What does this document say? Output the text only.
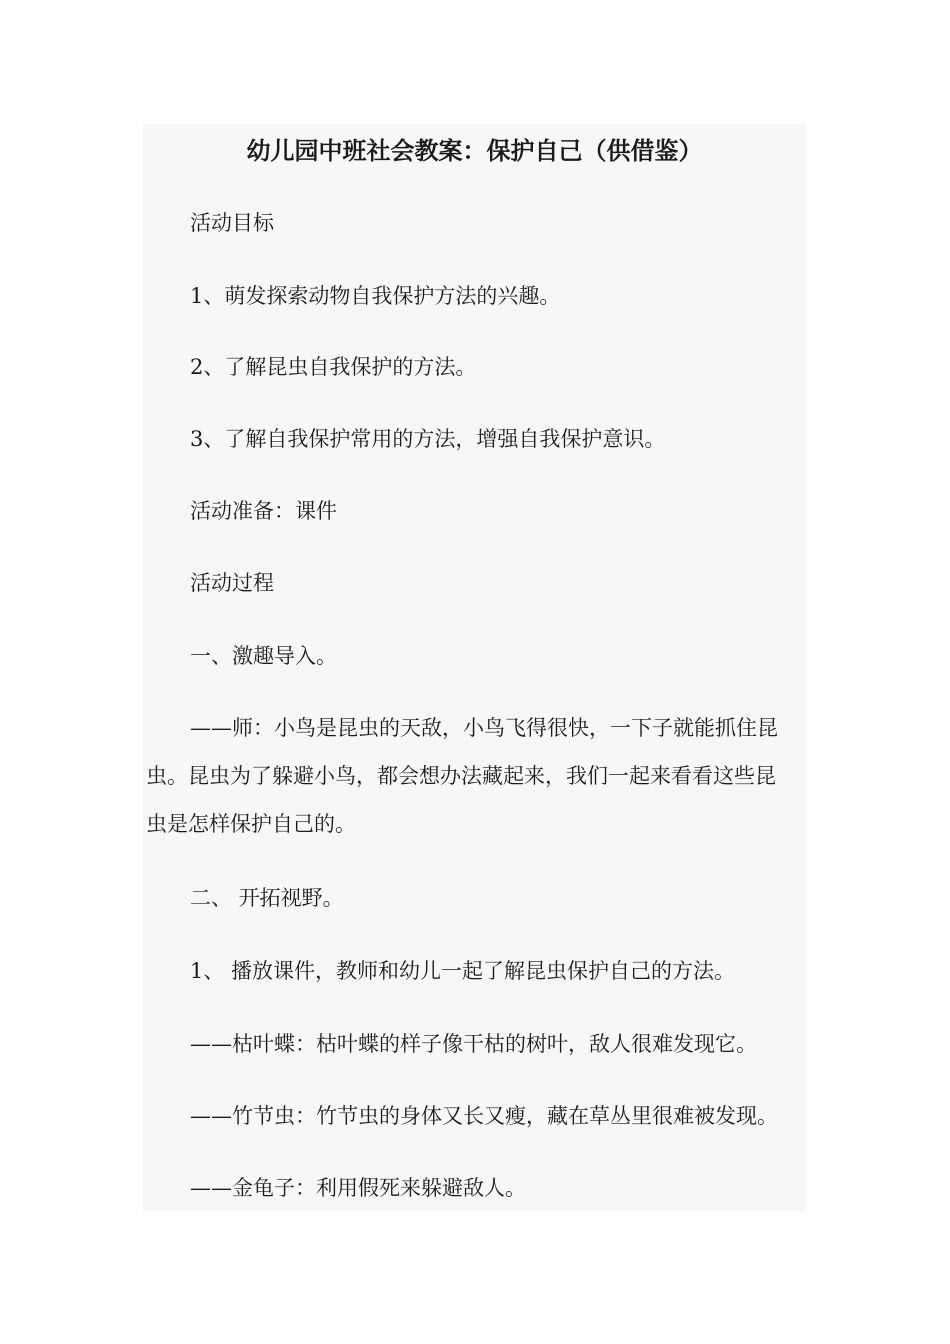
幼儿园中班社会教案：保护自己（供借鉴）
活动目标
1、萌发探索动物自我保护方法的兴趣。
2、了解昆虫自我保护的方法。
3、了解自我保护常用的方法，增强自我保护意识。
活动准备：课件
活动过程
一、激趣导入。
——师：小鸟是昆虫的天敌，小鸟飞得很快，一下子就能抓住昆虫。昆虫为了躲避小鸟，都会想办法藏起来，我们一起来看看这些昆虫是怎样保护自己的。
二、 开拓视野。
1、 播放课件，教师和幼儿一起了解昆虫保护自己的方法。
——枯叶蝶：枯叶蝶的样子像干枯的树叶，敌人很难发现它。
——竹节虫：竹节虫的身体又长又瘦，藏在草丛里很难被发现。
——金龟子：利用假死来躲避敌人。
